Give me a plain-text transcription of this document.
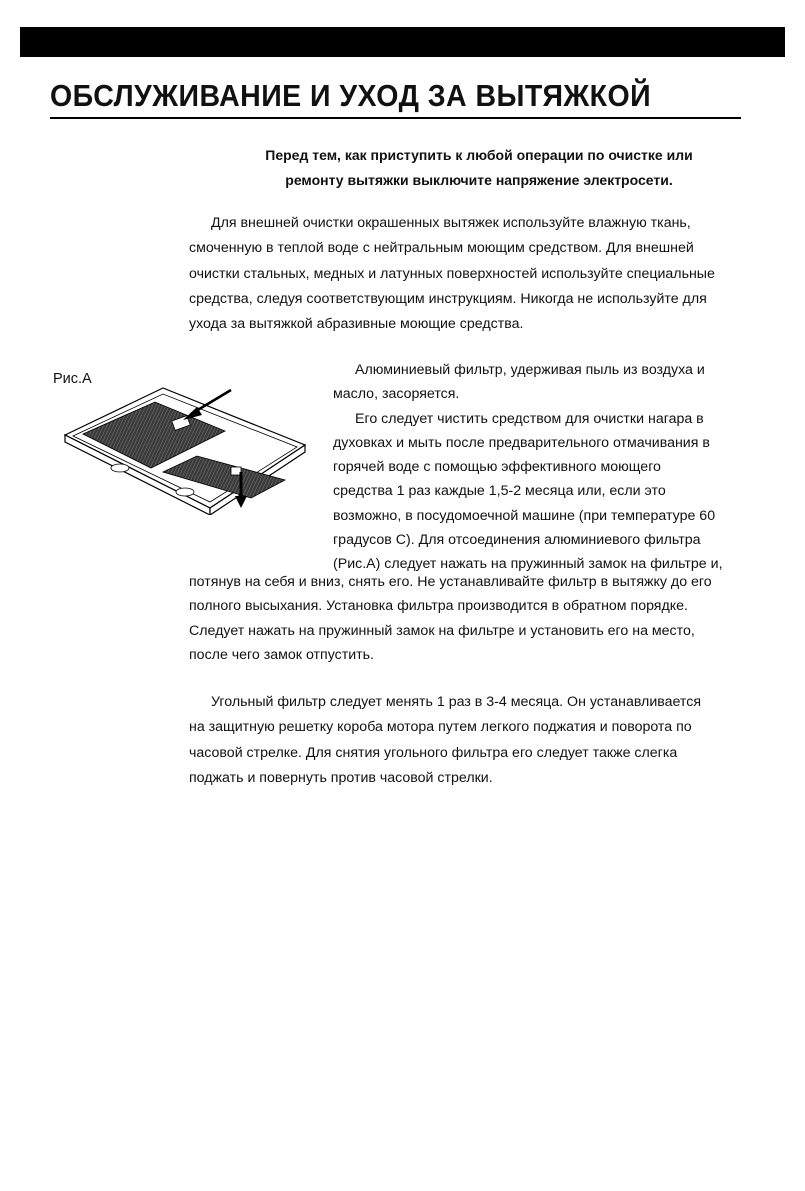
ОБСЛУЖИВАНИЕ И УХОД ЗА ВЫТЯЖКОЙ

Перед тем, как приступить к любой операции по очистке или
ремонту вытяжки выключите напряжение электросети.

Для внешней очистки окрашенных вытяжек используйте влажную ткань,
смоченную в теплой воде с нейтральным моющим средством. Для внешней
очистки стальных, медных и латунных поверхностей используйте специальные
средства, следуя соответствующим инструкциям. Никогда не используйте для
ухода за вытяжкой абразивные моющие средства.

Рис.А

Алюминиевый фильтр, удерживая пыль из воздуха и
масло, засоряется.
Его следует чистить средством для очистки нагара в
духовках и мыть после предварительного отмачивания в
горячей воде с помощью эффективного моющего
средства 1 раз каждые 1,5-2 месяца или, если это
возможно, в посудомоечной машине (при температуре 60
градусов С). Для отсоединения алюминиевого фильтра
(Рис.А) следует нажать на пружинный замок на фильтре и,

потянув на себя и вниз, снять его. Не устанавливайте фильтр в вытяжку до его
полного высыхания. Установка фильтра производится в обратном порядке.
Следует нажать на пружинный замок на фильтре и установить его на место,
после чего замок отпустить.

Угольный фильтр следует менять 1 раз в 3-4 месяца. Он устанавливается
на защитную решетку короба мотора путем легкого поджатия и поворота по
часовой стрелке. Для снятия угольного фильтра его следует также слегка
поджать и повернуть против часовой стрелки.
